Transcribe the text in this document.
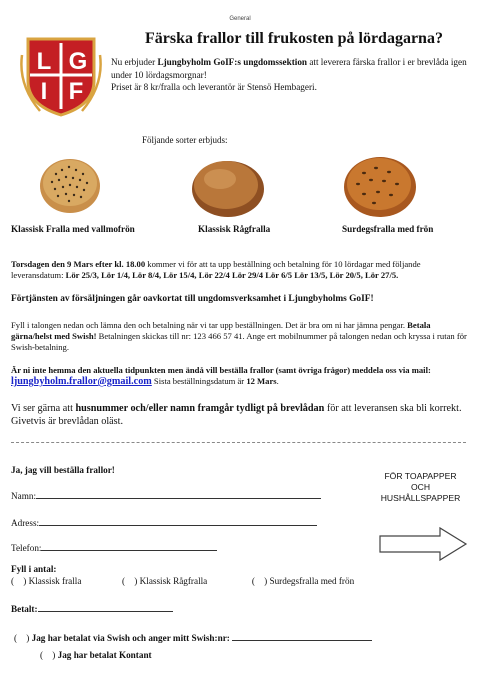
General
L G
I F
Färska frallor till frukosten på lördagarna?
Nu erbjuder Ljungbyholm GoIF:s ungdomssektion att leverera färska frallor i er brevlåda igen under 10 lördagsmorgnar!
Priset är 8 kr/fralla och leverantör är Stensö Hembageri.
Följande sorter erbjuds:
Klassisk Fralla med vallmofrön	Klassisk Rågfralla	Surdegsfralla med frön
Torsdagen den 9 Mars efter kl. 18.00 kommer vi för att ta upp beställning och betalning för 10 lördagar med följande leveransdatum: Lör 25/3, Lör 1/4, Lör 8/4, Lör 15/4, Lör 22/4 Lör 29/4 Lör 6/5 Lör 13/5, Lör 20/5, Lör 27/5.
Förtjänsten av försäljningen går oavkortat till ungdomsverksamhet i Ljungbyholms GoIF!
Fyll i talongen nedan och lämna den och betalning när vi tar upp beställningen. Det är bra om ni har jämna pengar. Betala gärna/helst med Swish! Betalningen skickas till nr: 123 466 57 41. Ange ert mobilnummer på talongen nedan och kryssa i rutan för Swish-betalning.
Är ni inte hemma den aktuella tidpunkten men ändå vill beställa frallor (samt övriga frågor) meddela oss via mail: ljungbyholm.frallor@gmail.com Sista beställningsdatum är 12 Mars.
Vi ser gärna att husnummer och/eller namn framgår tydligt på brevlådan för att leveransen ska bli korrekt. Givetvis är brevlådan oläst.
Ja, jag vill beställa frallor!
Namn:
Adress:
Telefon:
FÖR TOAPAPPER
OCH
HUSHÅLLSPAPPER
Fyll i antal:
( ) Klassisk fralla	( ) Klassisk Rågfralla	( ) Surdegsfralla med frön
Betalt:
( ) Jag har betalat via Swish och anger mitt Swish:nr:
( ) Jag har betalat Kontant
